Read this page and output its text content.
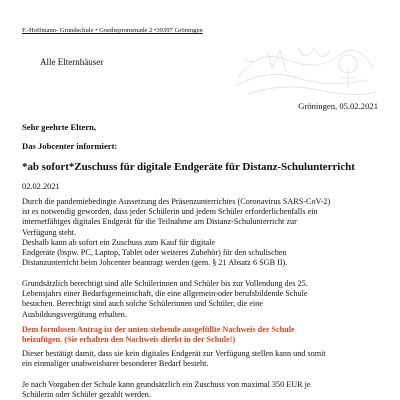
F.-Hoffmann- Grundschule • Goethepromenade 2 •39397 Gröningen
Alle Elternhäuser
Gröningen, 05.02.2021
Sehr geehrte Eltern,
Das Jobcenter informiert:
*ab sofort*Zuschuss für digitale Endgeräte für Distanz-Schulunterricht
02.02.2021
Durch die pandemiebedingte Aussetzung des Präsenzunterrichtes (Coronavirus SARS-CoV-2)
ist es notwendig geworden, dass jeder Schülerin und jedem Schüler erforderlichenfalls ein
internetfähiges digitales Endgerät für die Teilnahme am Distanz-Schulunterricht zur
Verfügung steht.
Deshalb kann ab sofort ein Zuschuss zum Kauf für digitale
Endgeräte (bspw. PC, Laptop, Tablet oder weiteres Zubehör) für den schulischen
Distanzunterricht beim Jobcenter beantragt werden (gem. § 21 Absatz 6 SGB II).
Grundsätzlich berechtigt sind alle Schülerinnen und Schüler bis zur Vollendung des 25.
Lebensjahrs einer Bedarfsgemeinschaft, die eine allgemein-oder berufsbildende Schule
besuchen. Berechtigt sind auch solche Schülerinnen und Schüler, die eine
Ausbildungsvergütung erhalten.
Dem formlosen Antrag ist der unten stehende ausgefüllte Nachweis der Schule
beizufügen. (Sie erhalten den Nachweis direkt in der Schule!)
Dieser bestätigt damit, dass sie kein digitales Endgerät zur Verfügung stellen kann und somit
ein einmaliger unabweisbarer besonderer Bedarf besteht.
Je nach Vorgaben der Schule kann grundsätzlich ein Zuschuss von maximal 350 EUR je
Schülerin oder Schüler gezahlt werden.
